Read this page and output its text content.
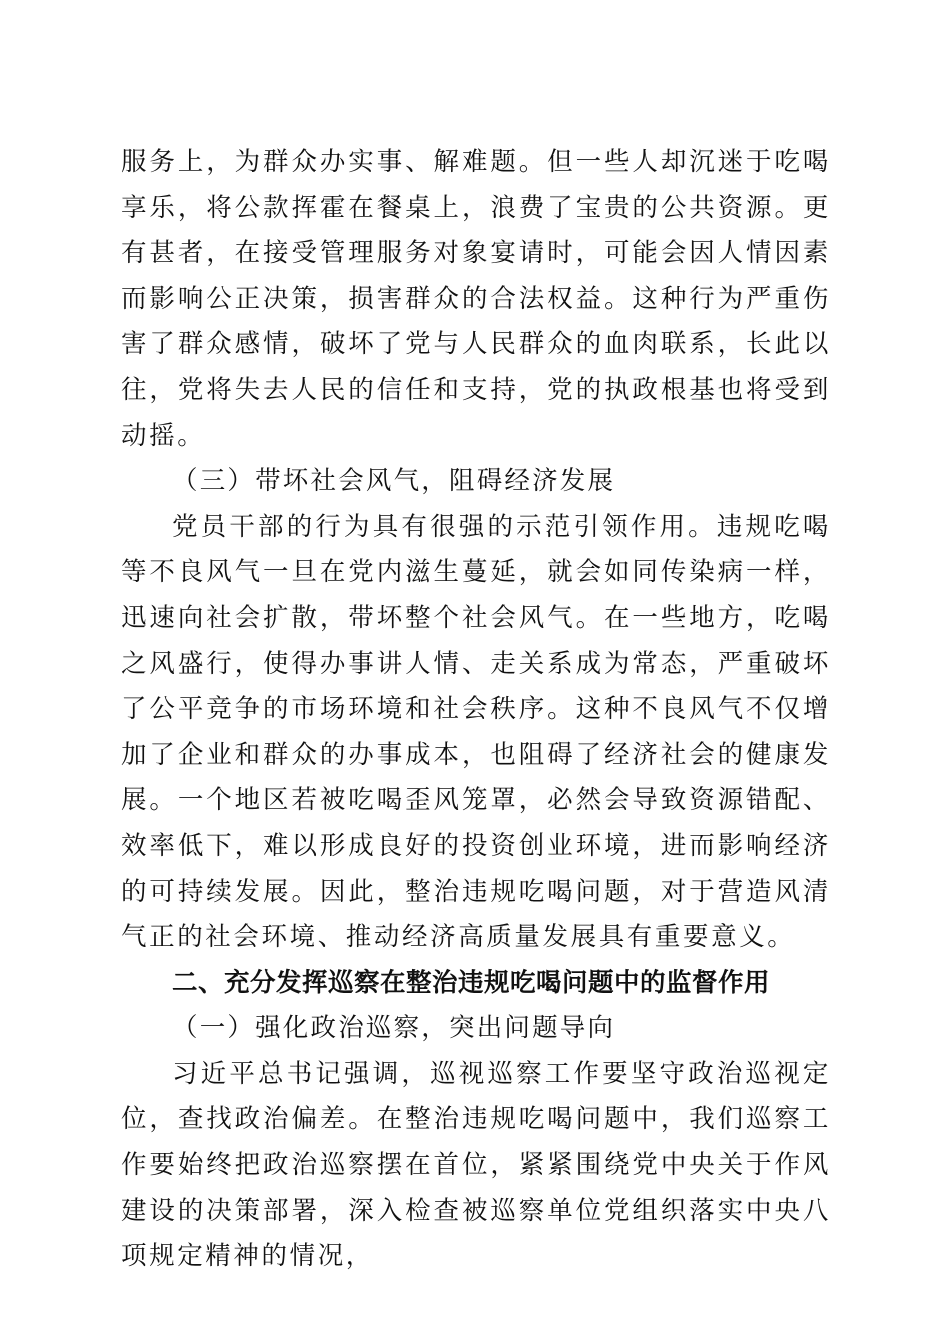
服务上，为群众办实事、解难题。但一些人却沉迷于吃喝享乐，将公款挥霍在餐桌上，浪费了宝贵的公共资源。更有甚者，在接受管理服务对象宴请时，可能会因人情因素而影响公正决策，损害群众的合法权益。这种行为严重伤害了群众感情，破坏了党与人民群众的血肉联系，长此以往，党将失去人民的信任和支持，党的执政根基也将受到动摇。

（三）带坏社会风气，阻碍经济发展

党员干部的行为具有很强的示范引领作用。违规吃喝等不良风气一旦在党内滋生蔓延，就会如同传染病一样，迅速向社会扩散，带坏整个社会风气。在一些地方，吃喝之风盛行，使得办事讲人情、走关系成为常态，严重破坏了公平竞争的市场环境和社会秩序。这种不良风气不仅增加了企业和群众的办事成本，也阻碍了经济社会的健康发展。一个地区若被吃喝歪风笼罩，必然会导致资源错配、效率低下，难以形成良好的投资创业环境，进而影响经济的可持续发展。因此，整治违规吃喝问题，对于营造风清气正的社会环境、推动经济高质量发展具有重要意义。

二、充分发挥巡察在整治违规吃喝问题中的监督作用

（一）强化政治巡察，突出问题导向

习近平总书记强调，巡视巡察工作要坚守政治巡视定位，查找政治偏差。在整治违规吃喝问题中，我们巡察工作要始终把政治巡察摆在首位，紧紧围绕党中央关于作风建设的决策部署，深入检查被巡察单位党组织落实中央八项规定精神的情况，
